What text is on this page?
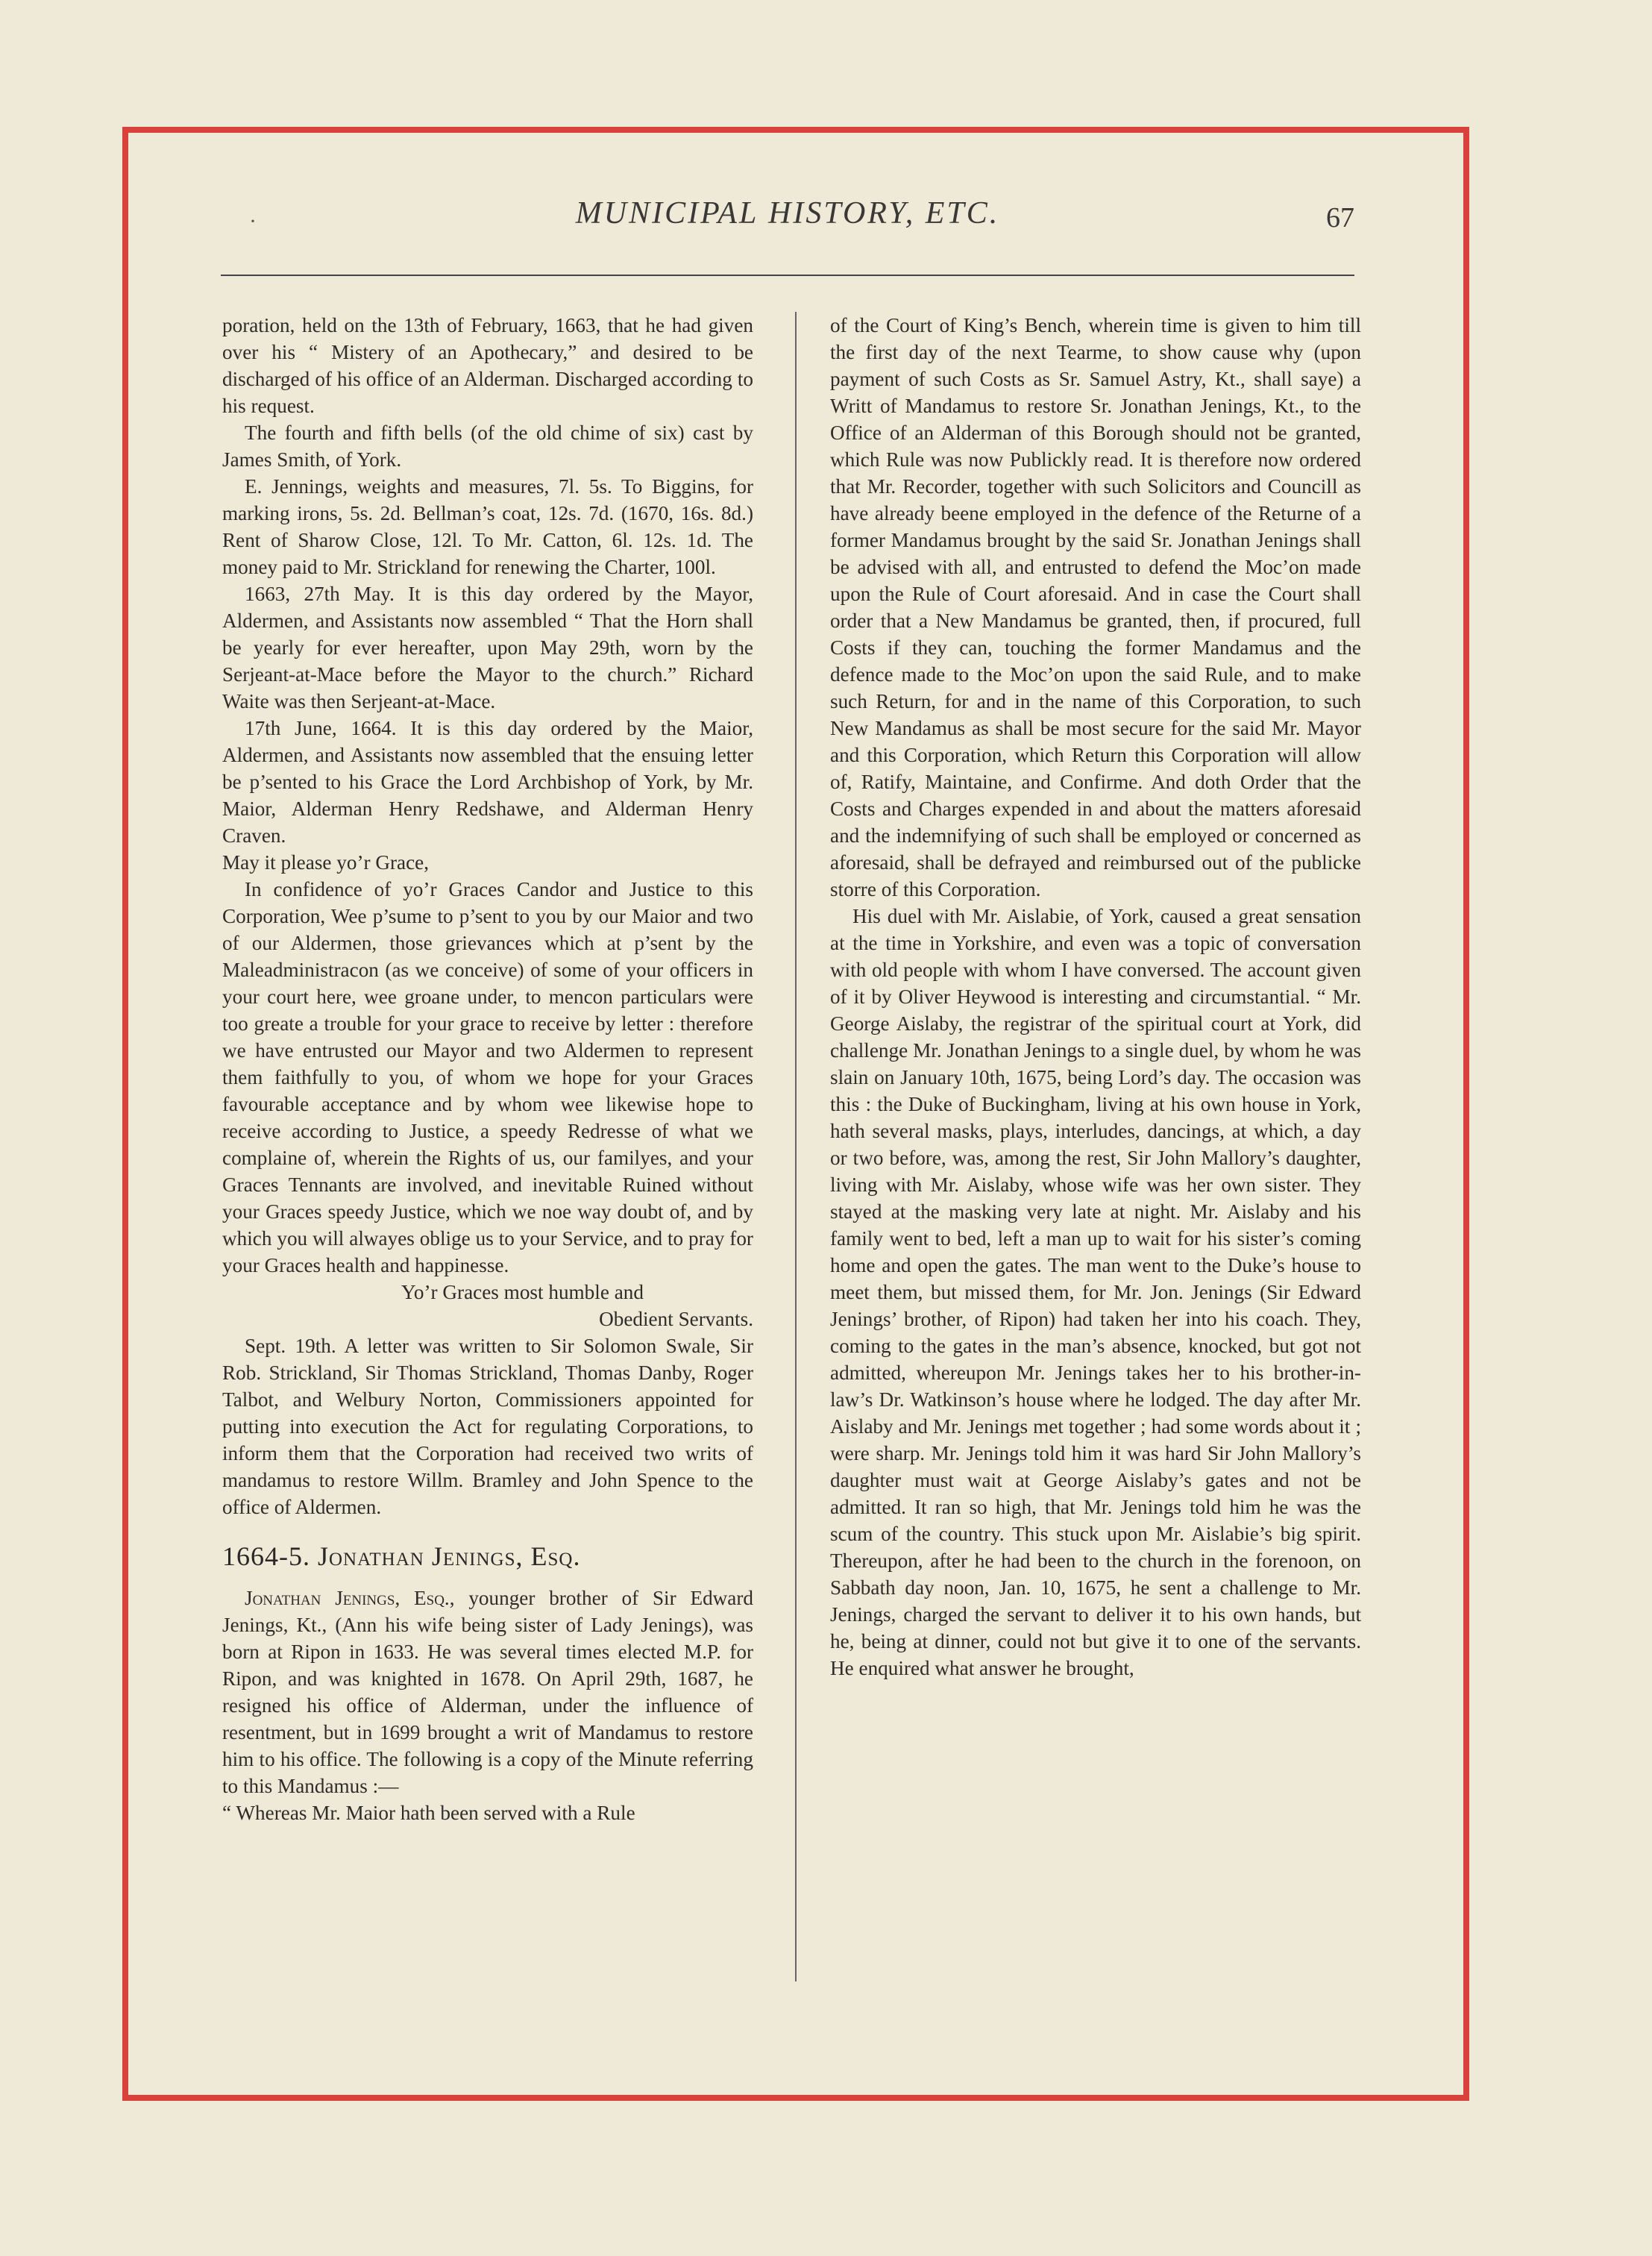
·	MUNICIPAL HISTORY, ETC.	67

poration, held on the 13th of February, 1663, that he had given over his “ Mistery of an Apothecary,” and desired to be discharged of his office of an Alderman. Discharged according to his request.

The fourth and fifth bells (of the old chime of six) cast by James Smith, of York.

E. Jennings, weights and measures, 7l. 5s. To Biggins, for marking irons, 5s. 2d. Bellman’s coat, 12s. 7d. (1670, 16s. 8d.) Rent of Sharow Close, 12l. To Mr. Catton, 6l. 12s. 1d. The money paid to Mr. Strickland for renewing the Charter, 100l.

1663, 27th May. It is this day ordered by the Mayor, Aldermen, and Assistants now assembled “ That the Horn shall be yearly for ever hereafter, upon May 29th, worn by the Serjeant-at-Mace before the Mayor to the church.” Richard Waite was then Serjeant-at-Mace.

17th June, 1664. It is this day ordered by the Maior, Aldermen, and Assistants now assembled that the ensuing letter be p’sented to his Grace the Lord Archbishop of York, by Mr. Maior, Alderman Henry Redshawe, and Alderman Henry Craven.

May it please yo’r Grace,

In confidence of yo’r Graces Candor and Justice to this Corporation, Wee p’sume to p’sent to you by our Maior and two of our Aldermen, those grievances which at p’sent by the Maleadministracon (as we conceive) of some of your officers in your court here, wee groane under, to mencon particulars were too greate a trouble for your grace to receive by letter : therefore we have entrusted our Mayor and two Aldermen to represent them faithfully to you, of whom we hope for your Graces favourable acceptance and by whom wee likewise hope to receive according to Justice, a speedy Redresse of what we complaine of, wherein the Rights of us, our familyes, and your Graces Tennants are involved, and inevitable Ruined without your Graces speedy Justice, which we noe way doubt of, and by which you will alwayes oblige us to your Service, and to pray for your Graces health and happinesse.

Yo’r Graces most humble and

Obedient Servants.

Sept. 19th. A letter was written to Sir Solomon Swale, Sir Rob. Strickland, Sir Thomas Strickland, Thomas Danby, Roger Talbot, and Welbury Norton, Commissioners appointed for putting into execution the Act for regulating Corporations, to inform them that the Corporation had received two writs of mandamus to restore Willm. Bramley and John Spence to the office of Aldermen.

1664-5. Jonathan Jenings, Esq.

Jonathan Jenings, Esq., younger brother of Sir Edward Jenings, Kt., (Ann his wife being sister of Lady Jenings), was born at Ripon in 1633. He was several times elected M.P. for Ripon, and was knighted in 1678. On April 29th, 1687, he resigned his office of Alderman, under the influence of resentment, but in 1699 brought a writ of Mandamus to restore him to his office. The following is a copy of the Minute referring to this Mandamus :—

“ Whereas Mr. Maior hath been served with a Rule

of the Court of King’s Bench, wherein time is given to him till the first day of the next Tearme, to show cause why (upon payment of such Costs as Sr. Samuel Astry, Kt., shall saye) a Writt of Mandamus to restore Sr. Jonathan Jenings, Kt., to the Office of an Alderman of this Borough should not be granted, which Rule was now Publickly read. It is therefore now ordered that Mr. Recorder, together with such Solicitors and Councill as have already beene employed in the defence of the Returne of a former Mandamus brought by the said Sr. Jonathan Jenings shall be advised with all, and entrusted to defend the Moc’on made upon the Rule of Court aforesaid. And in case the Court shall order that a New Mandamus be granted, then, if procured, full Costs if they can, touching the former Mandamus and the defence made to the Moc’on upon the said Rule, and to make such Return, for and in the name of this Corporation, to such New Mandamus as shall be most secure for the said Mr. Mayor and this Corporation, which Return this Corporation will allow of, Ratify, Maintaine, and Confirme. And doth Order that the Costs and Charges expended in and about the matters aforesaid and the indemnifying of such shall be employed or concerned as aforesaid, shall be defrayed and reimbursed out of the publicke storre of this Corporation.

His duel with Mr. Aislabie, of York, caused a great sensation at the time in Yorkshire, and even was a topic of conversation with old people with whom I have conversed. The account given of it by Oliver Heywood is interesting and circumstantial. “ Mr. George Aislaby, the registrar of the spiritual court at York, did challenge Mr. Jonathan Jenings to a single duel, by whom he was slain on January 10th, 1675, being Lord’s day. The occasion was this : the Duke of Buckingham, living at his own house in York, hath several masks, plays, interludes, dancings, at which, a day or two before, was, among the rest, Sir John Mallory’s daughter, living with Mr. Aislaby, whose wife was her own sister. They stayed at the masking very late at night. Mr. Aislaby and his family went to bed, left a man up to wait for his sister’s coming home and open the gates. The man went to the Duke’s house to meet them, but missed them, for Mr. Jon. Jenings (Sir Edward Jenings’ brother, of Ripon) had taken her into his coach. They, coming to the gates in the man’s absence, knocked, but got not admitted, whereupon Mr. Jenings takes her to his brother-in-law’s Dr. Watkinson’s house where he lodged. The day after Mr. Aislaby and Mr. Jenings met together ; had some words about it ; were sharp. Mr. Jenings told him it was hard Sir John Mallory’s daughter must wait at George Aislaby’s gates and not be admitted. It ran so high, that Mr. Jenings told him he was the scum of the country. This stuck upon Mr. Aislabie’s big spirit. Thereupon, after he had been to the church in the forenoon, on Sabbath day noon, Jan. 10, 1675, he sent a challenge to Mr. Jenings, charged the servant to deliver it to his own hands, but he, being at dinner, could not but give it to one of the servants. He enquired what answer he brought,
